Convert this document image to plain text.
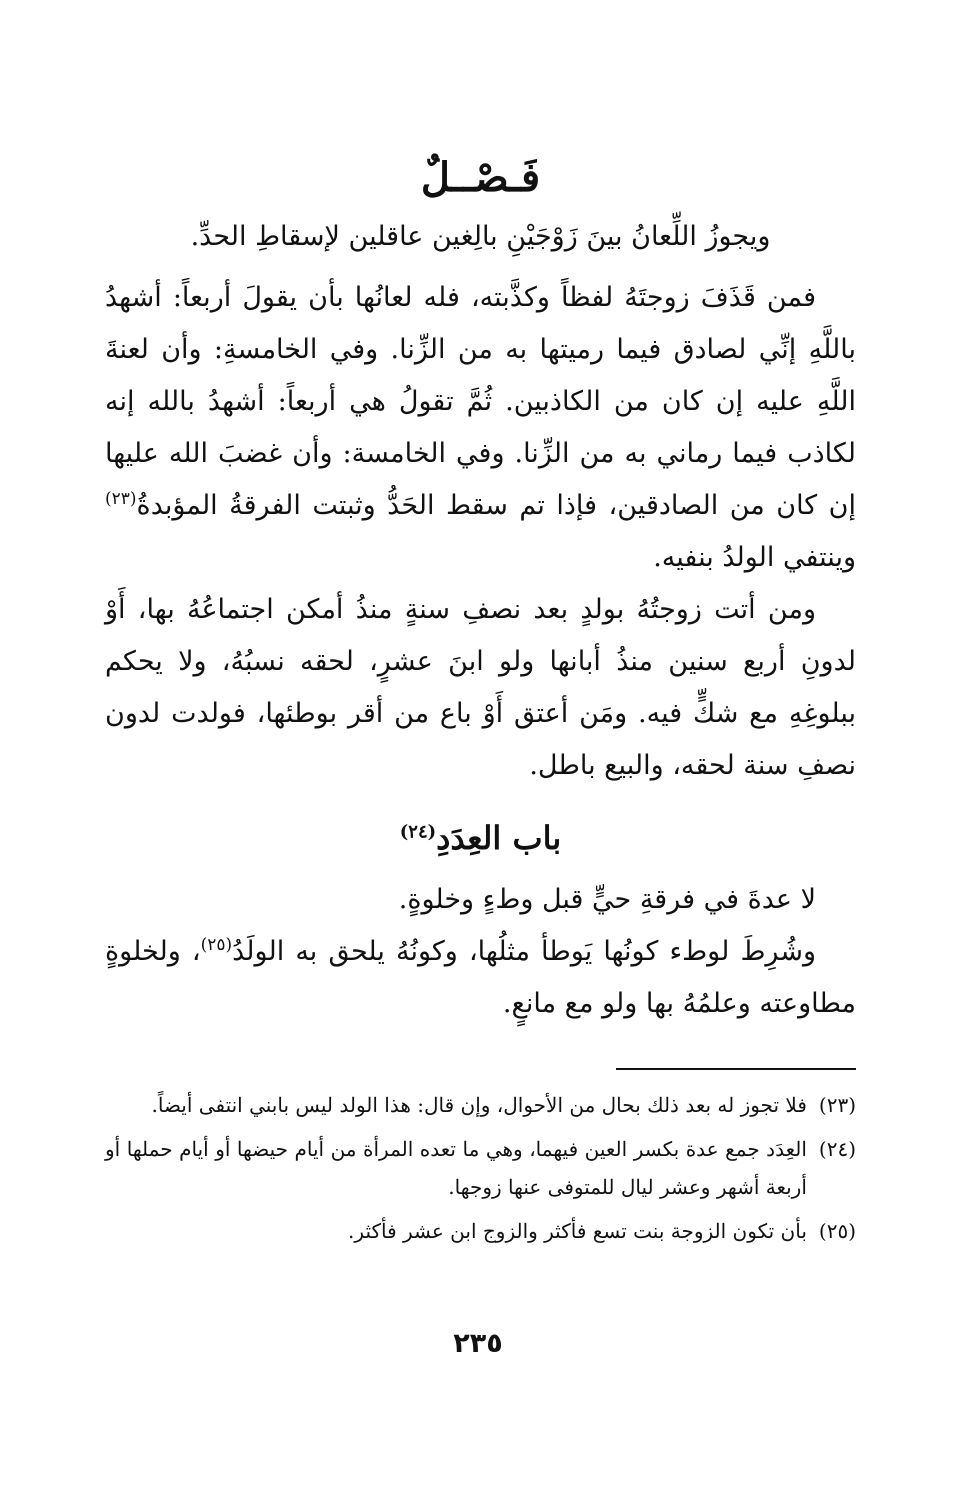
فَـصْــلٌ

ويجوزُ اللِّعانُ بينَ زَوْجَيْنِ بالِغين عاقلين لإسقاطِ الحدِّ.

فمن قَذَفَ زوجتَهُ لفظاً وكذَّبته، فله لعانُها بأن يقولَ أربعاً: أشهدُ باللَّهِ إنِّي لصادق فيما رميتها به من الزِّنا. وفي الخامسةِ: وأن لعنةَ اللَّهِ عليه إن كان من الكاذبين. ثُمَّ تقولُ هي أربعاً: أشهدُ بالله إنه لكاذب فيما رماني به من الزِّنا. وفي الخامسة: وأن غضبَ الله عليها إن كان من الصادقين، فإذا تم سقط الحَدُّ وثبتت الفرقةُ المؤبدةُ$^{(٢٣)}$ وينتفي الولدُ بنفيه.

ومن أتت زوجتُهُ بولدٍ بعد نصفِ سنةٍ منذُ أمكن اجتماعُهُ بها، أَوْ لدونِ أربع سنين منذُ أبانها ولو ابنَ عشرٍ، لحقه نسبُهُ، ولا يحكم ببلوغِهِ مع شكٍّ فيه. ومَن أعتق أَوْ باع من أقر بوطئها، فولدت لدون نصفِ سنة لحقه، والبيع باطل.

باب العِدَدِ$^{(٢٤)}$

لا عدةَ في فرقةِ حيٍّ قبل وطءٍ وخلوةٍ.

وشُرِطَ لوطء كونُها يَوطأ مثلُها، وكونُهُ يلحق به الولَدُ$^{(٢٥)}$، ولخلوةٍ مطاوعته وعلمُهُ بها ولو مع مانعٍ.

(٢٣)
فلا تجوز له بعد ذلك بحال من الأحوال، وإن قال: هذا الولد ليس بابني انتفى أيضاً.
(٢٤)
العِدَد جمع عدة بكسر العين فيهما، وهي ما تعده المرأة من أيام حيضها أو أيام حملها أو أربعة أشهر وعشر ليال للمتوفى عنها زوجها.
(٢٥)
بأن تكون الزوجة بنت تسع فأكثر والزوج ابن عشر فأكثر.
٢٣٥
